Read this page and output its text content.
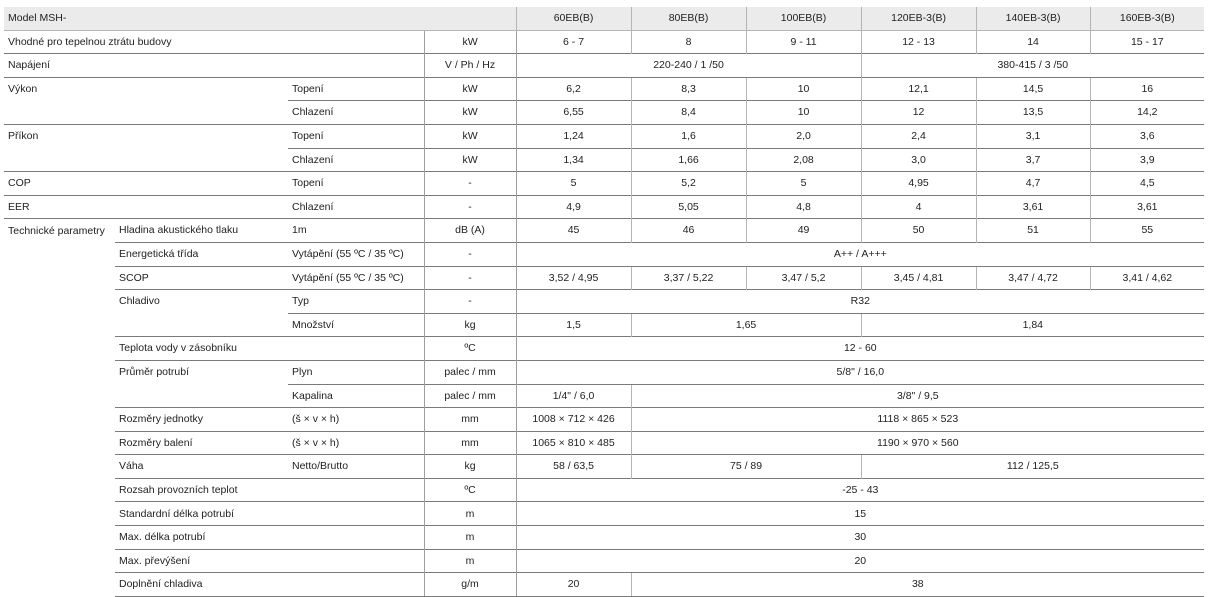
Model MSH-				60EB(B)	80EB(B)	100EB(B)	120EB-3(B)	140EB-3(B)	160EB-3(B)
Vhodné pro tepelnou ztrátu budovy			kW	6 - 7	8	9 - 11	12 - 13	14	15 - 17
Napájení			V / Ph / Hz	220-240 / 1 /50			380-415 / 3 /50		
Výkon		Topení	kW	6,2	8,3	10	12,1	14,5	16
		Chlazení	kW	6,55	8,4	10	12	13,5	14,2
Příkon		Topení	kW	1,24	1,6	2,0	2,4	3,1	3,6
		Chlazení	kW	1,34	1,66	2,08	3,0	3,7	3,9
COP		Topení	-	5	5,2	5	4,95	4,7	4,5
EER		Chlazení	-	4,9	5,05	4,8	4	3,61	3,61
Technické parametry	Hladina akustického tlaku	1m	dB (A)	45	46	49	50	51	55
	Energetická třída	Vytápění (55 ºC / 35 ºC)	-	A++ / A+++					
	SCOP	Vytápění (55 ºC / 35 ºC)	-	3,52 / 4,95	3,37 / 5,22	3,47 / 5,2	3,45 / 4,81	3,47 / 4,72	3,41 / 4,62
	Chladivo	Typ	-	R32					
		Množství	kg	1,5	1,65		1,84		
	Teplota vody v zásobníku		ºC	12 - 60					
	Průměr potrubí	Plyn	palec / mm	5/8" / 16,0					
		Kapalina	palec / mm	1/4" / 6,0	3/8" / 9,5				
	Rozměry jednotky	(š × v × h)	mm	1008 × 712 × 426	1118 × 865 × 523				
	Rozměry balení	(š × v × h)	mm	1065 × 810 × 485	1190 × 970 × 560				
	Váha	Netto/Brutto	kg	58 / 63,5	75 / 89		112 / 125,5		
	Rozsah provozních teplot		ºC	-25 - 43					
	Standardní délka potrubí		m	15					
	Max. délka potrubí		m	30					
	Max. převýšení		m	20					
	Doplnění chladiva		g/m	20	38				
